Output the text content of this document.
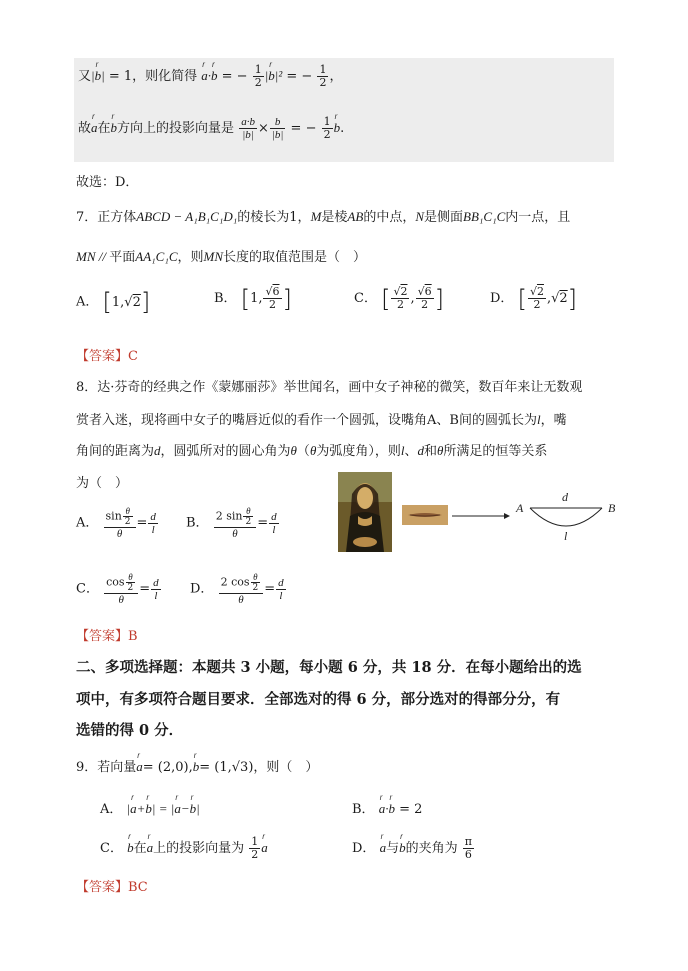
又|r b| = 1，则化简得 r a·r b = − $\frac{1}{2} |r$ b|² = − $\frac{1}{2}$ ，
故r a在r b方向上的投影向量是 $\frac{a\cdot b}{|b|} \times \frac{b}{|b|}$ = − $\frac{1}{2}$ r b.
故选：D．
7．正方体ABCD − A₁B₁C₁D₁的棱长为1，M是棱AB的中点，N是侧面BB₁C₁C内一点，且
MN // 平面AA₁C₁C，则MN长度的取值范围是（　）
A． [1,√2]	B． [1, $\frac{√6}{2}$ ]	C． [ $\frac{√2}{2}$ , $\frac{√6}{2}$ ]	D． [ $\frac{√2}{2} ,√2$]
【答案】C
8．达·芬奇的经典之作《蒙娜丽莎》举世闻名，画中女子神秘的微笑，数百年来让无数观
赏者入迷，现将画中女子的嘴唇近似的看作一个圆弧，设嘴角A、B间的圆弧长为l，嘴
角间的距离为d，圆弧所对的圆心角为θ（θ为弧度角），则l、d和θ所满足的恒等关系
为（　）
A． $\frac{\sin \frac{\theta}{2}}{\theta} = \frac{d}{l}$ B． $\frac{2 \sin \frac{\theta}{2}}{\theta} = \frac{d}{l}$
C． $\frac{\cos \frac{\theta}{2}}{\theta} = \frac{d}{l}$ D． $\frac{2 \cos \frac{\theta}{2}}{\theta} = \frac{d}{l}$
A	B
d
l
【答案】B
二、多项选择题：本题共 3 小题，每小题 6 分，共 18 分．在每小题给出的选
项中，有多项符合题目要求．全部选对的得 6 分，部分选对的得部分分，有
选错的得 0 分．
9．若向量r a= (2,0),r b= (1,√3)，则（　）
A． |r a+r b| = |r a−r b|	B． r a·r b = 2
C． r b在r a上的投影向量为 $\frac{1}{2}$ r a	D． r a与r b的夹角为 $\frac{\pi}{6}$
【答案】BC
